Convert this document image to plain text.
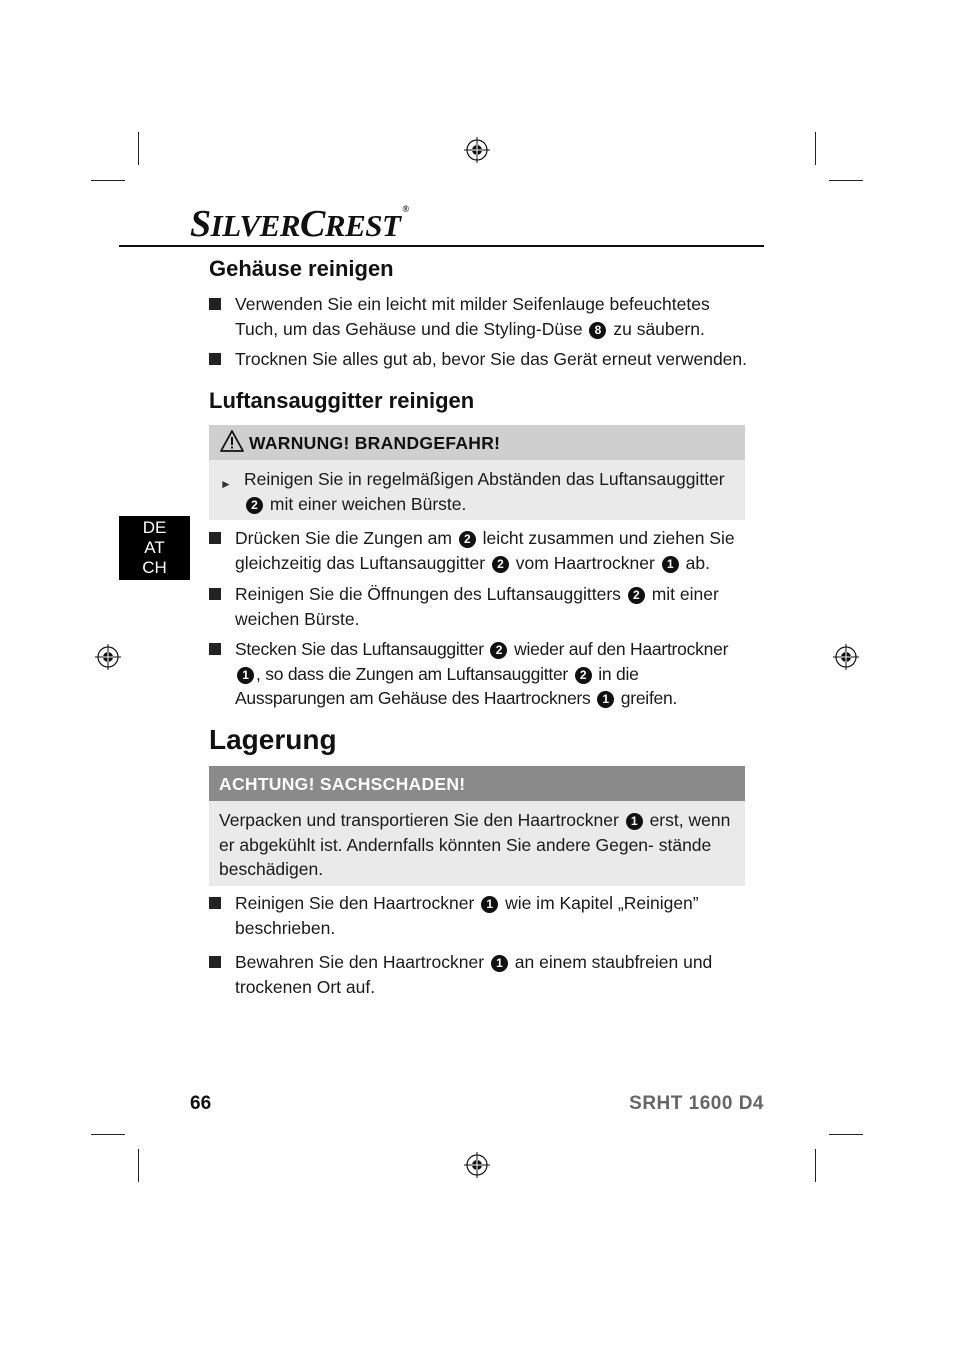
SILVERCREST ®
DE
AT
CH
Gehäuse reinigen
Verwenden Sie ein leicht mit milder Seifenlauge befeuchtetes Tuch, um das Gehäuse und die Styling-Düse 8 zu säubern.
Trocknen Sie alles gut ab, bevor Sie das Gerät erneut verwenden.
Luftansauggitter reinigen
WARNUNG! BRANDGEFAHR!
► Reinigen Sie in regelmäßigen Abständen das Luftansauggitter 2 mit einer weichen Bürste.
Drücken Sie die Zungen am 2 leicht zusammen und ziehen Sie gleichzeitig das Luftansauggitter 2 vom Haartrockner 1 ab.
Reinigen Sie die Öffnungen des Luftansauggitters 2 mit einer weichen Bürste.
Stecken Sie das Luftansauggitter 2 wieder auf den Haartrockner 1 , so dass die Zungen am Luftansauggitter 2 in die Aussparungen am Gehäuse des Haartrockners 1 greifen.
Lagerung
ACHTUNG! SACHSCHADEN!
Verpacken und transportieren Sie den Haartrockner 1 erst, wenn er abgekühlt ist. Andernfalls könnten Sie andere Gegen- stände beschädigen.
Reinigen Sie den Haartrockner 1 wie im Kapitel „Reinigen” beschrieben.
Bewahren Sie den Haartrockner 1 an einem staubfreien und trockenen Ort auf.
66	SRHT 1600 D4
